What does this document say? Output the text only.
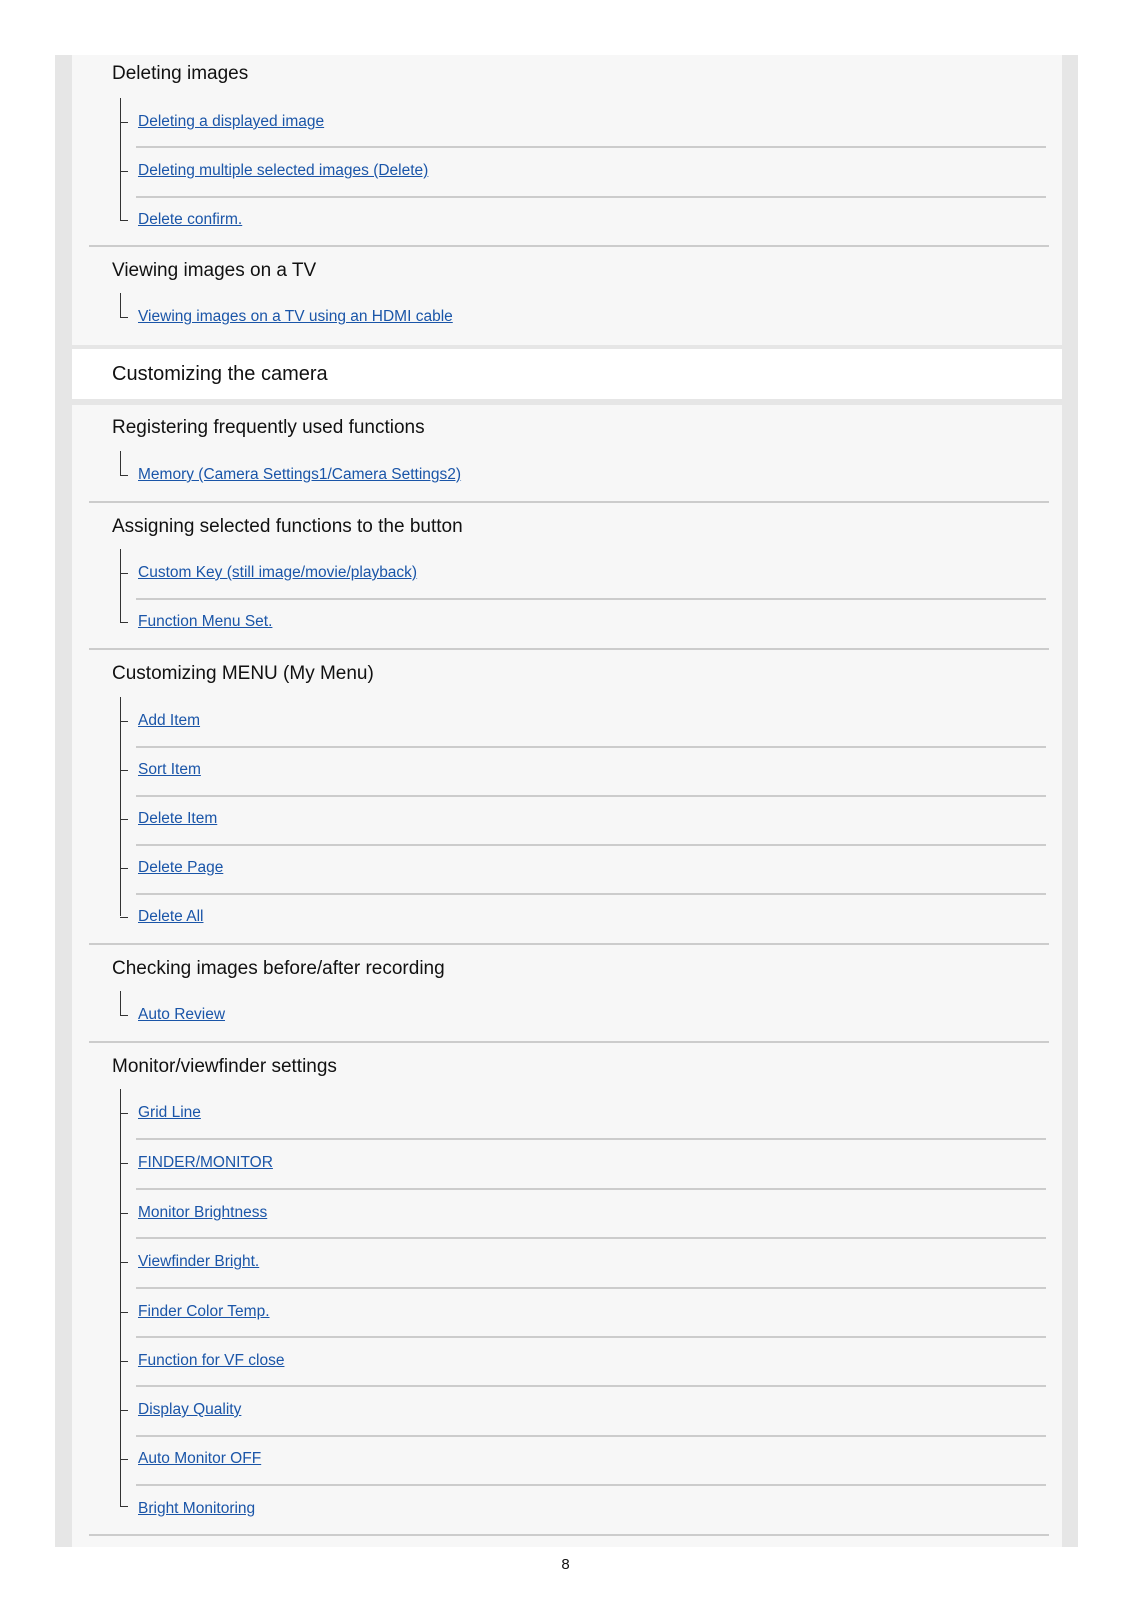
Customizing the camera
Deleting images
Deleting a displayed image
Deleting multiple selected images (Delete)
Delete confirm.
Viewing images on a TV
Viewing images on a TV using an HDMI cable
Registering frequently used functions
Memory (Camera Settings1/Camera Settings2)
Assigning selected functions to the button
Custom Key (still image/movie/playback)
Function Menu Set.
Customizing MENU (My Menu)
Add Item
Sort Item
Delete Item
Delete Page
Delete All
Checking images before/after recording
Auto Review
Monitor/viewfinder settings
Grid Line
FINDER/MONITOR
Monitor Brightness
Viewfinder Bright.
Finder Color Temp.
Function for VF close
Display Quality
Auto Monitor OFF
Bright Monitoring
8
